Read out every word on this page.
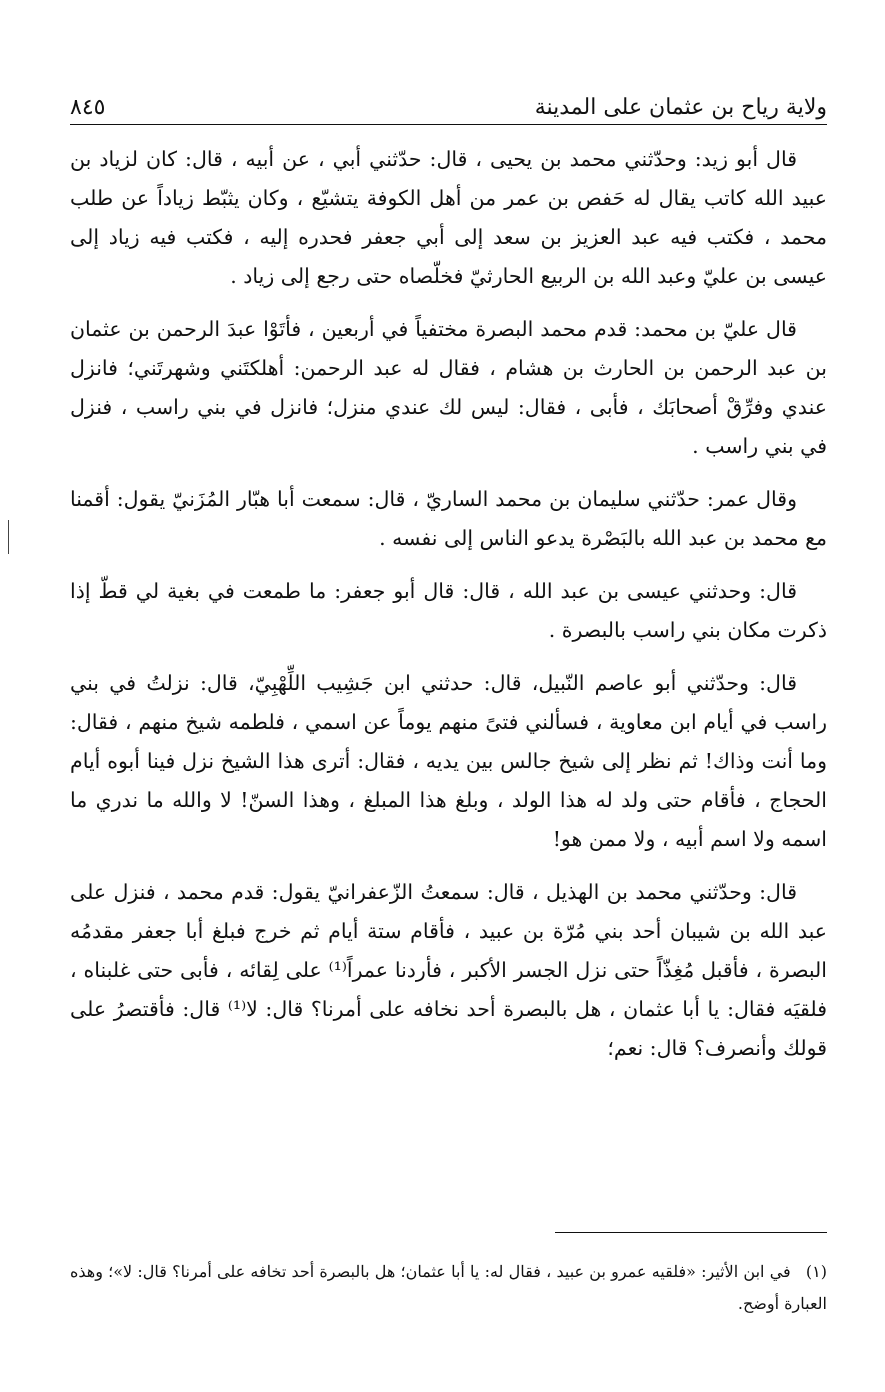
ولاية رياح بن عثمان على المدينة
٨٤٥

قال أبو زيد: وحدّثني محمد بن يحيى ، قال: حدّثني أبي ، عن أبيه ، قال: كان لزياد بن عبيد الله كاتب يقال له حَفص بن عمر من أهل الكوفة يتشيّع ، وكان يثبّط زياداً عن طلب محمد ، فكتب فيه عبد العزيز بن سعد إلى أبي جعفر فحدره إليه ، فكتب فيه زياد إلى عيسى بن عليّ وعبد الله بن الربيع الحارثيّ فخلّصاه حتى رجع إلى زياد .

قال عليّ بن محمد: قدم محمد البصرة مختفياً في أربعين ، فأتَوْا عبدَ الرحمن بن عثمان بن عبد الرحمن بن الحارث بن هشام ، فقال له عبد الرحمن: أهلكتَني وشهرتَني؛ فانزل عندي وفرِّقْ أصحابَك ، فأبى ، فقال: ليس لك عندي منزل؛ فانزل في بني راسب ، فنزل في بني راسب .

وقال عمر: حدّثني سليمان بن محمد الساريّ ، قال: سمعت أبا هبّار المُزَنيّ يقول: أقمنا مع محمد بن عبد الله بالبَصْرة يدعو الناس إلى نفسه .

قال: وحدثني عيسى بن عبد الله ، قال: قال أبو جعفر: ما طمعت في بغية لي قطّ إذا ذكرت مكان بني راسب بالبصرة .

قال: وحدّثني أبو عاصم النّبيل، قال: حدثني ابن جَشِيب اللِّهْبِيّ، قال: نزلتُ في بني راسب في أيام ابن معاوية ، فسألني فتىً منهم يوماً عن اسمي ، فلطمه شيخ منهم ، فقال: وما أنت وذاك! ثم نظر إلى شيخ جالس بين يديه ، فقال: أترى هذا الشيخ نزل فينا أبوه أيام الحجاج ، فأقام حتى ولد له هذا الولد ، وبلغ هذا المبلغ ، وهذا السنّ! لا والله ما ندري ما اسمه ولا اسم أبيه ، ولا ممن هو!

قال: وحدّثني محمد بن الهذيل ، قال: سمعتُ الزّعفرانيّ يقول: قدم محمد ، فنزل على عبد الله بن شيبان أحد بني مُرّة بن عبيد ، فأقام ستة أيام ثم خرج فبلغ أبا جعفر مقدمُه البصرة ، فأقبل مُغِذّاً حتى نزل الجسر الأكبر ، فأردنا عمراً⁽¹⁾ على لِقائه ، فأبى حتى غلبناه ، فلقيَه فقال: يا أبا عثمان ، هل بالبصرة أحد نخافه على أمرنا؟ قال: لا⁽¹⁾ قال: فأقتصرُ على قولك وأنصرف؟ قال: نعم؛

(١) في ابن الأثير: «فلقيه عمرو بن عبيد ، فقال له: يا أبا عثمان؛ هل بالبصرة أحد تخافه على أمرنا؟ قال: لا»؛ وهذه العبارة أوضح.
